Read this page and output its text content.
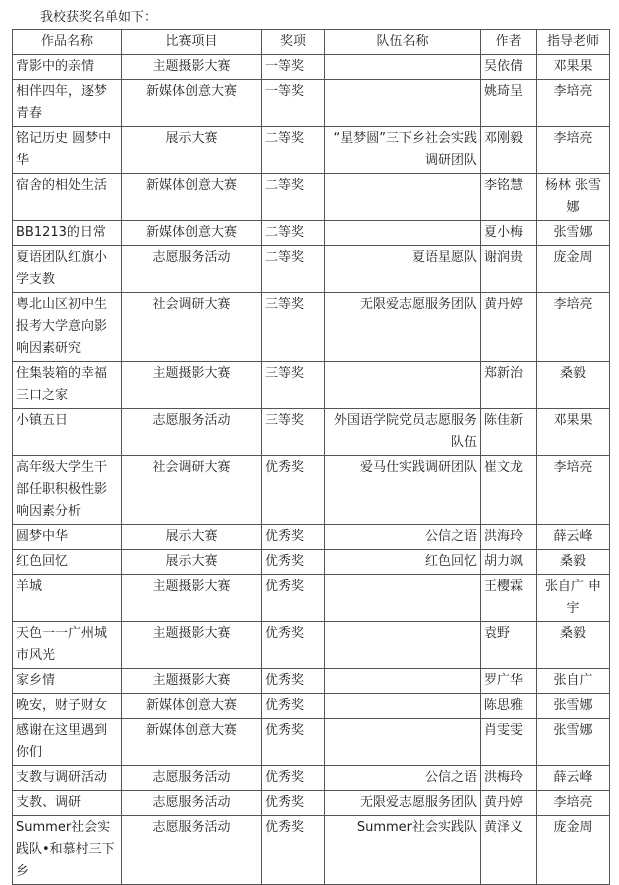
我校获奖名单如下：
作品名称	比赛项目	奖项	队伍名称	作者	指导老师
背影中的亲情	主题摄影大赛	一等奖		吴依倩	邓果果
相伴四年，逐梦青春	新媒体创意大赛	一等奖		姚琦呈	李培亮
铭记历史 圆梦中华	展示大赛	二等奖	“星梦圆”三下乡社会实践调研团队	邓刚毅	李培亮
宿舍的相处生活	新媒体创意大赛	二等奖		李铭慧	杨林 张雪娜
BB1213的日常	新媒体创意大赛	二等奖		夏小梅	张雪娜
夏语团队红旗小学支教	志愿服务活动	二等奖	夏语星愿队	谢润贵	庞金周
粤北山区初中生报考大学意向影响因素研究	社会调研大赛	三等奖	无限爱志愿服务团队	黄丹婷	李培亮
住集装箱的幸福三口之家	主题摄影大赛	三等奖		郑新治	桑毅
小镇五日	志愿服务活动	三等奖	外国语学院党员志愿服务队伍	陈佳新	邓果果
高年级大学生干部任职积极性影响因素分析	社会调研大赛	优秀奖	爱马仕实践调研团队	崔文龙	李培亮
圆梦中华	展示大赛	优秀奖	公信之语	洪海玲	薛云峰
红色回忆	展示大赛	优秀奖	红色回忆	胡力飒	桑毅
羊城	主题摄影大赛	优秀奖		王樱霖	张自广 申宇
天色一一广州城市风光	主题摄影大赛	优秀奖		袁野	桑毅
家乡情	主题摄影大赛	优秀奖		罗广华	张自广
晚安，财子财女	新媒体创意大赛	优秀奖		陈思雅	张雪娜
感谢在这里遇到你们	新媒体创意大赛	优秀奖		肖雯雯	张雪娜
支教与调研活动	志愿服务活动	优秀奖	公信之语	洪梅玲	薛云峰
支教、调研	志愿服务活动	优秀奖	无限爱志愿服务团队	黄丹婷	李培亮
Summer社会实践队•和慕村三下乡	志愿服务活动	优秀奖	Summer社会实践队	黄泽义	庞金周
